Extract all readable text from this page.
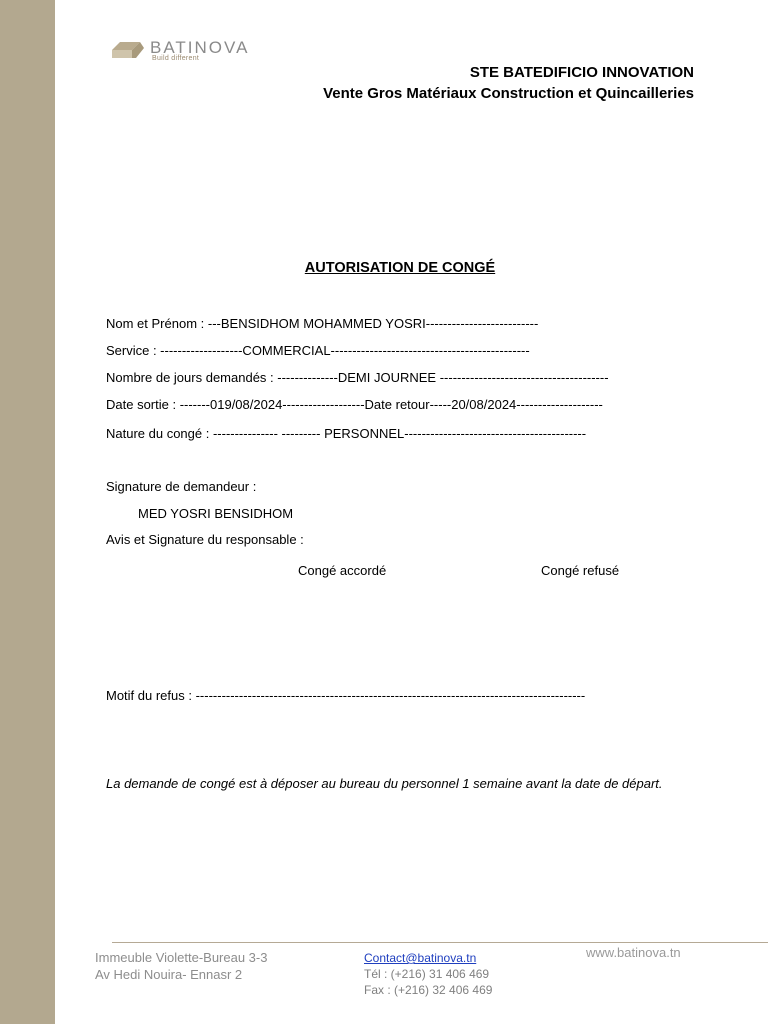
BATINOVA
Build different
STE BATEDIFICIO INNOVATION
Vente Gros Matériaux Construction et Quincailleries
AUTORISATION DE CONGÉ
Nom et Prénom : ---BENSIDHOM MOHAMMED YOSRI--------------------------
Service : -------------------COMMERCIAL----------------------------------------------
Nombre de jours demandés : --------------DEMI JOURNEE ---------------------------------------
Date sortie : -------019/08/2024-------------------Date retour-----20/08/2024--------------------
Nature du congé : --------------- --------- PERSONNEL------------------------------------------
Signature de demandeur :
MED YOSRI BENSIDHOM
Avis et Signature du responsable :
Congé accordé	Congé refusé
Motif du refus : ------------------------------------------------------------------------------------------
La demande de congé est à déposer au bureau du personnel 1 semaine avant la date de départ.
Immeuble Violette-Bureau 3-3
Av Hedi Nouira- Ennasr 2
Contact@batinova.tn
Tél : (+216) 31 406 469
Fax : (+216) 32 406 469
www.batinova.tn
